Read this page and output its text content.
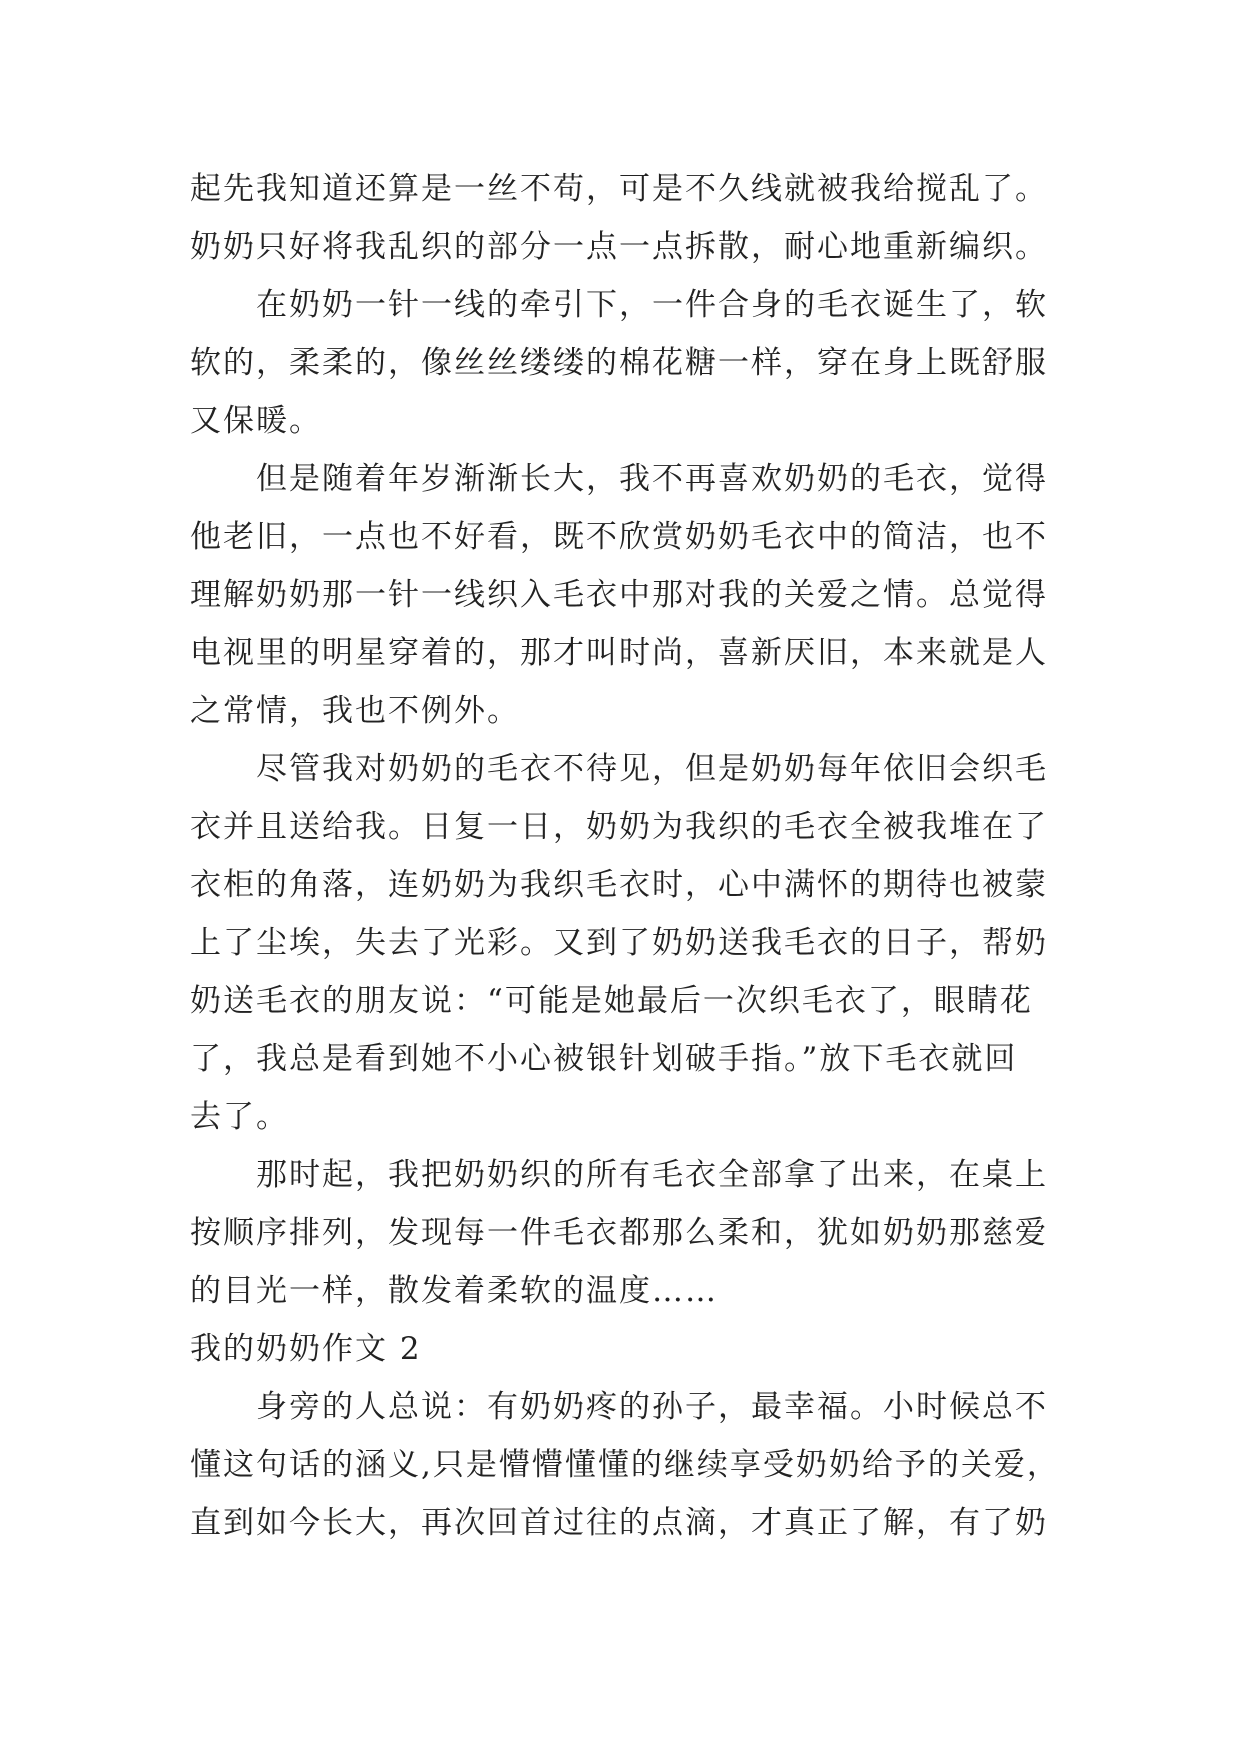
起先我知道还算是一丝不苟，可是不久线就被我给搅乱了。
奶奶只好将我乱织的部分一点一点拆散，耐心地重新编织。
在奶奶一针一线的牵引下，一件合身的毛衣诞生了，软
软的，柔柔的，像丝丝缕缕的棉花糖一样，穿在身上既舒服
又保暖。
但是随着年岁渐渐长大，我不再喜欢奶奶的毛衣，觉得
他老旧，一点也不好看，既不欣赏奶奶毛衣中的简洁，也不
理解奶奶那一针一线织入毛衣中那对我的关爱之情。总觉得
电视里的明星穿着的，那才叫时尚，喜新厌旧，本来就是人
之常情，我也不例外。
尽管我对奶奶的毛衣不待见，但是奶奶每年依旧会织毛
衣并且送给我。日复一日，奶奶为我织的毛衣全被我堆在了
衣柜的角落，连奶奶为我织毛衣时，心中满怀的期待也被蒙
上了尘埃，失去了光彩。又到了奶奶送我毛衣的日子，帮奶
奶送毛衣的朋友说：“可能是她最后一次织毛衣了，眼睛花
了，我总是看到她不小心被银针划破手指。”放下毛衣就回
去了。
那时起，我把奶奶织的所有毛衣全部拿了出来，在桌上
按顺序排列，发现每一件毛衣都那么柔和，犹如奶奶那慈爱
的目光一样，散发着柔软的温度……
我的奶奶作文 2
身旁的人总说：有奶奶疼的孙子，最幸福。小时候总不
懂这句话的涵义,只是懵懵懂懂的继续享受奶奶给予的关爱，
直到如今长大，再次回首过往的点滴，才真正了解，有了奶
